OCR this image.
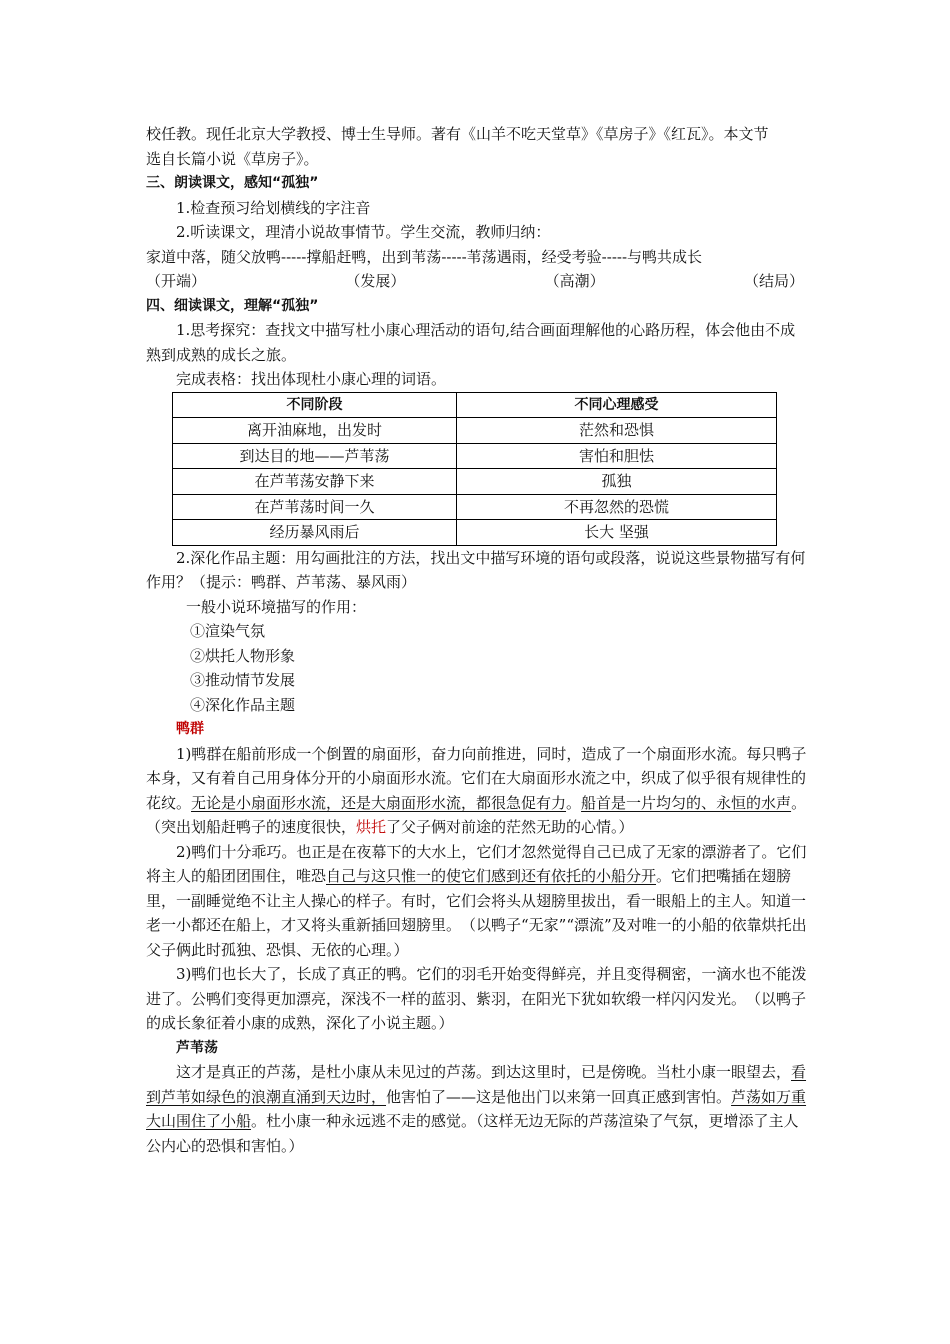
校任教。现任北京大学教授、博士生导师。著有《山羊不吃天堂草》《草房子》《红瓦》。本文节

选自长篇小说《草房子》。

三、朗读课文，感知“孤独”

1.检查预习给划横线的字注音

2.听读课文，理清小说故事情节。学生交流，教师归纳：

家道中落，随父放鸭-----撑船赶鸭，出到苇荡-----苇荡遇雨，经受考验-----与鸭共成长

（开端）	（发展）	（高潮）	（结局）

四、细读课文，理解“孤独”

1.思考探究：查找文中描写杜小康心理活动的语句,结合画面理解他的心路历程，体会他由不成熟到成熟的成长之旅。

完成表格：找出体现杜小康心理的词语。

不同阶段	不同心理感受
离开油麻地，出发时	茫然和恐惧
到达目的地——芦苇荡	害怕和胆怯
在芦苇荡安静下来	孤独
在芦苇荡时间一久	不再忽然的恐慌
经历暴风雨后	长大 坚强

2.深化作品主题：用勾画批注的方法，找出文中描写环境的语句或段落，说说这些景物描写有何作用？（提示：鸭群、芦苇荡、暴风雨）

一般小说环境描写的作用：

①渲染气氛

②烘托人物形象

③推动情节发展

④深化作品主题

鸭群

1)鸭群在船前形成一个倒置的扇面形，奋力向前推进，同时，造成了一个扇面形水流。每只鸭子本身，又有着自己用身体分开的小扇面形水流。它们在大扇面形水流之中，织成了似乎很有规律性的花纹。无论是小扇面形水流，还是大扇面形水流，都很急促有力。船首是一片均匀的、永恒的水声。（突出划船赶鸭子的速度很快，烘托了父子俩对前途的茫然无助的心情。）

2)鸭们十分乖巧。也正是在夜幕下的大水上，它们才忽然觉得自己已成了无家的漂游者了。它们将主人的船团团围住，唯恐自己与这只惟一的使它们感到还有依托的小船分开。它们把嘴插在翅膀里，一副睡觉绝不让主人操心的样子。有时，它们会将头从翅膀里拔出，看一眼船上的主人。知道一老一小都还在船上，才又将头重新插回翅膀里。　（以鸭子“无家”“漂流”及对唯一的小船的依靠烘托出父子俩此时孤独、恐惧、无依的心理。）

3)鸭们也长大了，长成了真正的鸭。它们的羽毛开始变得鲜亮，并且变得稠密，一滴水也不能泼进了。公鸭们变得更加漂亮，深浅不一样的蓝羽、紫羽，在阳光下犹如软缎一样闪闪发光。　（以鸭子的成长象征着小康的成熟，深化了小说主题。）

芦苇荡

这才是真正的芦荡，是杜小康从未见过的芦荡。到达这里时，已是傍晚。当杜小康一眼望去，看到芦苇如绿色的浪潮直涌到天边时，他害怕了——这是他出门以来第一回真正感到害怕。芦荡如万重大山围住了小船。杜小康一种永远逃不走的感觉。（这样无边无际的芦荡渲染了气氛，更增添了主人公内心的恐惧和害怕。）
